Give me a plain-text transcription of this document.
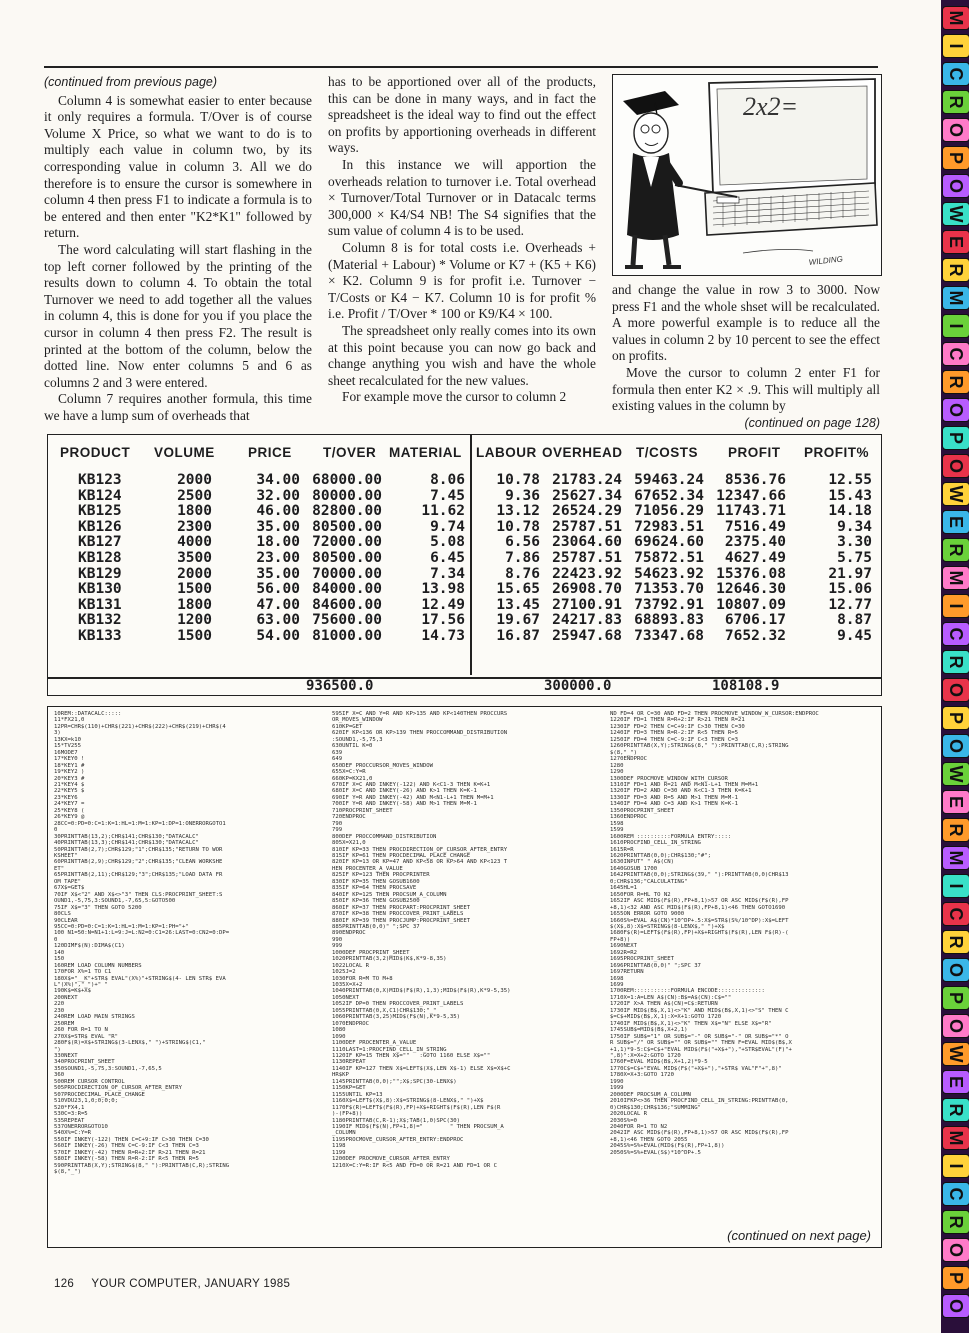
(continued from previous page)

Column 4 is somewhat easier to enter because it only requires a formula. T/Over is of course Volume X Price, so what we want to do is to multiply each value in column two, by its corresponding value in column 3. All we do therefore is to ensure the cursor is somewhere in column 4 then press F1 to indicate a formula is to be entered and then enter "K2*K1" followed by return.

The word calculating will start flashing in the top left corner followed by the printing of the results down to column 4. To obtain the total Turnover we need to add together all the values in column 4, this is done for you if you place the cursor in column 4 then press F2. The result is printed at the bottom of the column, below the dotted line. Now enter columns 5 and 6 as columns 2 and 3 were entered.

Column 7 requires another formula, this time we have a lump sum of overheads that

has to be apportioned over all of the products, this can be done in many ways, and in fact the spreadsheet is the ideal way to find out the effect on profits by apportioning overheads in different ways.

In this instance we will apportion the overheads relation to turnover i.e. Total overhead × Turnover/Total Turnover or in Datacalc terms 300,000 × K4/S4 NB! The S4 signifies that the sum value of column 4 is to be used.

Column 8 is for total costs i.e. Overheads + (Material + Labour) * Volume or K7 + (K5 + K6) × K2. Column 9 is for profit i.e. Turnover − T/Costs or K4 − K7. Column 10 is for profit % i.e. Profit / T/Over * 100 or K9/K4 × 100.

The spreadsheet only really comes into its own at this point because you can now go back and change anything you wish and have the whole sheet recalculated for the new values.

For example move the cursor to column 2

2x2=
WILDING

and change the value in row 3 to 3000. Now press F1 and the whole shset will be recalculated. A more powerful example is to reduce all the values in column 2 by 10 percent to see the effect on profits.

Move the cursor to column 2 enter F1 for formula then enter K2 × .9. This will multiply all existing values in the column by

(continued on page 128)
PRODUCT VOLUME PRICE T/OVER MATERIAL LABOUR OVERHEAD T/COSTS PROFIT PROFIT%
KB123
KB124
KB125
KB126
KB127
KB128
KB129
KB130
KB131
KB132
KB133
2000
2500
1800
2300
4000
3500
2000
1500
1800
1200
1500
34.00
32.00
46.00
35.00
18.00
23.00
35.00
56.00
47.00
63.00
54.00
68000.00
80000.00
82800.00
80500.00
72000.00
80500.00
70000.00
84000.00
84600.00
75600.00
81000.00
8.06
7.45
11.62
9.74
5.08
6.45
7.34
13.98
12.49
17.56
14.73
10.78
9.36
13.12
10.78
6.56
7.86
8.76
15.65
13.45
19.67
16.87
21783.24
25627.34
26524.29
25787.51
23064.60
25787.51
22423.92
26908.70
27100.91
24217.83
25947.68
59463.24
67652.34
71056.29
72983.51
69624.60
75872.51
54623.92
71353.70
73792.91
68893.83
73347.68
8536.76
12347.66
11743.71
7516.49
2375.40
4627.49
15376.08
12646.30
10807.09
6706.17
7652.32
12.55
15.43
14.18
9.34
3.30
5.75
21.97
15.06
12.77
8.87
9.45
936500.0	300000.0	108108.9
10REM::DATACALC:::::
11*FX21,0
12PR=CHR$(110)+CHR$(221)+CHR$(222)+CHR$(219)+CHR$(4
3)
13KX=k10
15*TV255
16MODE7
17*KEY0 !
18*KEY1 #
19*KEY2 )
20*KEY3 #
21*KEY4 $
22*KEY5 $
23*KEY6
24*KEY7 =
25*KEY8 (
26*KEY9 @
28CC=0:PD=0:C=1:K=1:HL=1:M=1:KP=1:DP=1:ONERRORGOTO1
0
30PRINTTAB(13,2);CHR$141;CHR$130;"DATACALC"
40PRINTTAB(13,3);CHR$141;CHR$130;"DATACALC"
50PRINTTAB(2,7);CHR$129;"1";CHR$135;"RETURN TO WOR
KSHEET"
60PRINTTAB(2,9);CHR$129;"2";CHR$135;"CLEAN WORKSHE
ET"
65PRINTTAB(2,11);CHR$129;"3";CHR$135;"LOAD DATA FR
OM TAPE"
67X$=GET$
70IF X$<"2" AND X$<>"3" THEN CLS:PROCPRINT_SHEET:S
OUND1,-5,75,3:SOUND1,-7,65,5:GOTO500
75IF X$="3" THEN GOTO 5200
80CLS
90CLEAR
95CC=0:PD=0:C=1:K=1:HL=1:M=1:KP=1:PH="+"
100 N1=50:N=N1+1:L=9:J=L:N2=0:C1=26:LAST=0:CN2=0:DP=
0
120DIMF$(N):DIMA$(C1)
140
150
160REM LOAD COLUMN NUMBERS
170FOR X%=1 TO C1
180X$="__K"+STR$ EVAL"(X%)"+STRING$(4- LEN STR$ EVA
L"(X%)","_")+" "
190K$=K$+X$
200NEXT
220
230
240REM LOAD MAIN STRINGS
250REM
260 FOR R=1 TO N
270X$=STR$ EVAL "R"
280F$(R)=X$+STRING$(3-LENX$," ")+STRING$(C1,"
")
330NEXT
340PROCPRINT_SHEET
350SOUND1,-5,75,3:SOUND1,-7,65,5
360
500REM CURSOR CONTROL
505PROCDIRECTION_OF_CURSOR_AFTER_ENTRY
507PROCDECIMAL_PLACE_CHANGE
510VDU23,1,0;0;0;0;
520*FX4,1
530C=3:R=5
535REPEAT
537ONERRORGOTO10
540X%=C:Y=R
550IF INKEY(-122) THEN C=C+9:IF C>30 THEN C=30
560IF INKEY(-26) THEN C=C-9:IF C<3 THEN C=3
570IF INKEY(-42) THEN R=R+2:IF R>21 THEN R=21
580IF INKEY(-58) THEN R=R-2:IF R<5 THEN R=5
590PRINTTAB(X,Y);STRING$(8," "):PRINTTAB(C,R);STRING
$(8,"_")
595IF X=C AND Y=R AND KP>135 AND KP<140THEN PROCCURS
OR_MOVES_WINDOW
610KP=GET
620IF KP<136 OR KP>139 THEN PROCCOMMAND_DISTRIBUTION
:SOUND1,-5,75,3
630UNTIL K=0
639
649
650DEF PROCCURSOR_MOVES_WINDOW
655X=C:Y=R
660KP=KX21,0
670IF X=C AND INKEY(-122) AND K<C1-3 THEN K=K+1
680IF X=C AND INKEY(-26) AND K>1 THEN K=K-1
690IF Y=R AND INKEY(-42) AND M<N1-L+1 THEN M=M+1
700IF Y=R AND INKEY(-58) AND M>1 THEN M=M-1
710PROCPRINT_SHEET
720ENDPROC
790
799
800DEF PROCCOMMAND_DISTRIBUTION
805X=X21,0
810IF KP=33 THEN PROCDIRECTION_OF_CURSOR_AFTER_ENTRY
815IF KP=61 THEN PROCDECIMAL_PLACE_CHANGE
820IF KP=13 OR KP=47 AND KP<58 OR KP>64 AND KP<123 T
HEN PROCENTER_A_VALUE
825IF KP=123 THEN PROCPRINTER
830IF KP=35 THEN GOSUB1600
835IF KP=64 THEN PROCSAVE
840IF KP=125 THEN PROCSUM_A_COLUMN
850IF KP=36 THEN GOSUB2500
860IF KP=37 THEN PROCPART:PROCPRINT_SHEET
870IF KP=38 THEN PROCCOVER_PRINT_LABELS
880IF KP=39 THEN PROCJUMP:PROCPRINT_SHEET
885PRINTTAB(0,0)" ";SPC 37
890ENDPROC
990
999
1000DEF PROCPRINT_SHEET
1020PRINTTAB(3,2)MID$(K$,K*9-8,35)
1022LOCAL R
1025J=2
1030FOR R=M TO M+8
1035X=X+2
1040PRINTTAB(0,X)MID$(F$(R),1,3);MID$(F$(R),K*9-5,35)
1050NEXT
1052IF DP=0 THEN PROCCOVER_PRINT_LABELS
1055PRINTTAB(0,X,C1)CHR$130;"_"
1060PRINTTAB(3,25)MID$(F$(N),K*9-5,35)
1070ENDPROC
1080
1090
1100DEF PROCENTER_A_VALUE
1110LAST=1:PROCFIND_CELL_IN_STRING
1120IF KP=15 THEN X$=""   :GOTO 1160 ELSE X$=""
1130REPEAT
1140IF KP=127 THEN X$=LEFT$(X$,LEN X$-1) ELSE X$=X$+C
HR$KP
1145PRINTTAB(0,0);"";X$;SPC(30-LENX$)
1150KP=GET
1155UNTIL KP=13
1160X$=LEFT$(X$,8):X$=STRING$(8-LENX$," ")+X$
1170F$(R)=LEFT$(F$(R),FP)+X$+RIGHT$(F$(R),LEN F$(R
)-(FP+8))
1180PRINTTAB(C,R-1);X$;TAB(1,0)SPC(30)
1190IF MID$(F$(N),FP+1,8)="        " THEN PROCSUM_A
_COLUMN
1195PROCMOVE_CURSOR_AFTER_ENTRY:ENDPROC
1198
1199
1200DEF PROCMOVE_CURSOR_AFTER_ENTRY
1210X=C:Y=R:IF R<5 AND FD=0 OR R=21 AND FD=1 OR C
ND FD=4 OR C=30 AND FD=2 THEN PROCMOVE_WINDOW_W_CURSOR:ENDPROC
1220IF FD=1 THEN R=R+2:IF R>21 THEN R=21
1230IF FD=2 THEN C=C+9:IF C>30 THEN C=30
1240IF FD=3 THEN R=R-2:IF R<5 THEN R=5
1250IF FD=4 THEN C=C-9:IF C<3 THEN C=3
1260PRINTTAB(X,Y);STRING$(8," "):PRINTTAB(C,R);STRING
$(8,"_")
1270ENDPROC
1280
1290
1300DEF PROCMOVE_WINDOW_WITH_CURSOR
1310IF FD=1 AND R=21 AND M<N1-L+1 THEN M=M+1
1320IF FD=2 AND C=30 AND K<C1-3 THEN K=K+1
1330IF FD=3 AND R=5 AND M>1 THEN M=M-1
1340IF FD=4 AND C=3 AND K>1 THEN K=K-1
1350PROCPRINT_SHEET
1360ENDPROC
1598
1599
1600REM ::::::::::FORMULA ENTRY:::::
1610PROCFIND_CELL_IN_STRING
1615R=R
1620PRINTTAB(0,0);CHR$130;"#";
1630INPUT" " A$(CN)
1640GOSUB 1700
1642PRINTTAB(0,0);STRING$(39," "):PRINTTAB(0,0)CHR$13
0;CHR$136;"CALCULATING"
1645HL=1
1650FOR R=HL TO N2
1652IF ASC MID$(F$(R),FP+8,1)>57 OR ASC MID$(F$(R),FP
+8,1)<32 AND ASC MID$(F$(R),FP+8,1)<46 THEN GOTO1690
1655ON ERROR GOTO 9000
1660S%=EVAL A$(CN)*10^DP+.5:X$=STR$(S%/10^DP):X$=LEFT
$(X$,8):X$=STRING$(8-LENX$," ")+X$
1680F$(R)=LEFT$(F$(R),FP)+X$+RIGHT$(F$(R),LEN F$(R)-(
FP+8))
1690NEXT
1692R=R2
1695PROCPRINT_SHEET
1696PRINTTAB(0,0)" ";SPC 37
1697RETURN
1698
1699
1700REM:::::::::::FORMULA ENCODE::::::::::::::
1710X=1:A=LEN A$(CN):B$=A$(CN):C$=""
1720IF X>A THEN A$(CN)=C$:RETURN
1730IF MID$(B$,X,1)<>"K" AND MID$(B$,X,1)<>"S" THEN C
$=C$+MID$(B$,X,1):X=X+1:GOTO 1720
1740IF MID$(B$,X,1)<>"K" THEN X$="N" ELSE X$="R"
1745SUB$=MID$(B$,X+2,1)
1750IF SUB$="1" OR SUB$="-" OR SUB$="-" OR SUB$="*" O
R SUB$="/" OR SUB$="" OR SUB$="" THEN F=EVAL MID$(B$,X
+1,1)*9-5:C$=C$+"EVAL MID$(F$("+X$+"),"+STR$EVAL"(F)"+
",8)":X=X+2:GOTO 1720
1760F=EVAL MID$(B$,X+1,2)*9-5
1770C$=C$+"EVAL MID$(F$("+X$+"),"+STR$ VAL"F"+",8)"
1780X=X+3:GOTO 1720
1990
1999
2000DEF PROCSUM_A_COLUMN
2010IFKP<>36 THEN PROCFIND_CELL_IN_STRING:PRINTTAB(0,
0)CHR$130;CHR$136;"SUMMING"
2020LOCAL R
2030S%=0
2040FOR R=1 TO N2
2042IF ASC MID$(F$(R),FP+8,1)>57 OR ASC MID$(F$(R),FP
+8,1)<46 THEN GOTO 2055
2045S%=S%+EVAL(MID$(F$(R),FP+1,8))
2050S%=S%+EVAL(S$)*10^DP+.5
(continued on next page)
126 YOUR COMPUTER, JANUARY 1985
M
I
C
R
O
P
O
W
E
R
M
I
C
R
O
P
O
W
E
R
M
I
C
R
O
P
O
W
E
R
M
I
C
R
O
P
O
W
E
R
M
I
C
R
O
P
O
